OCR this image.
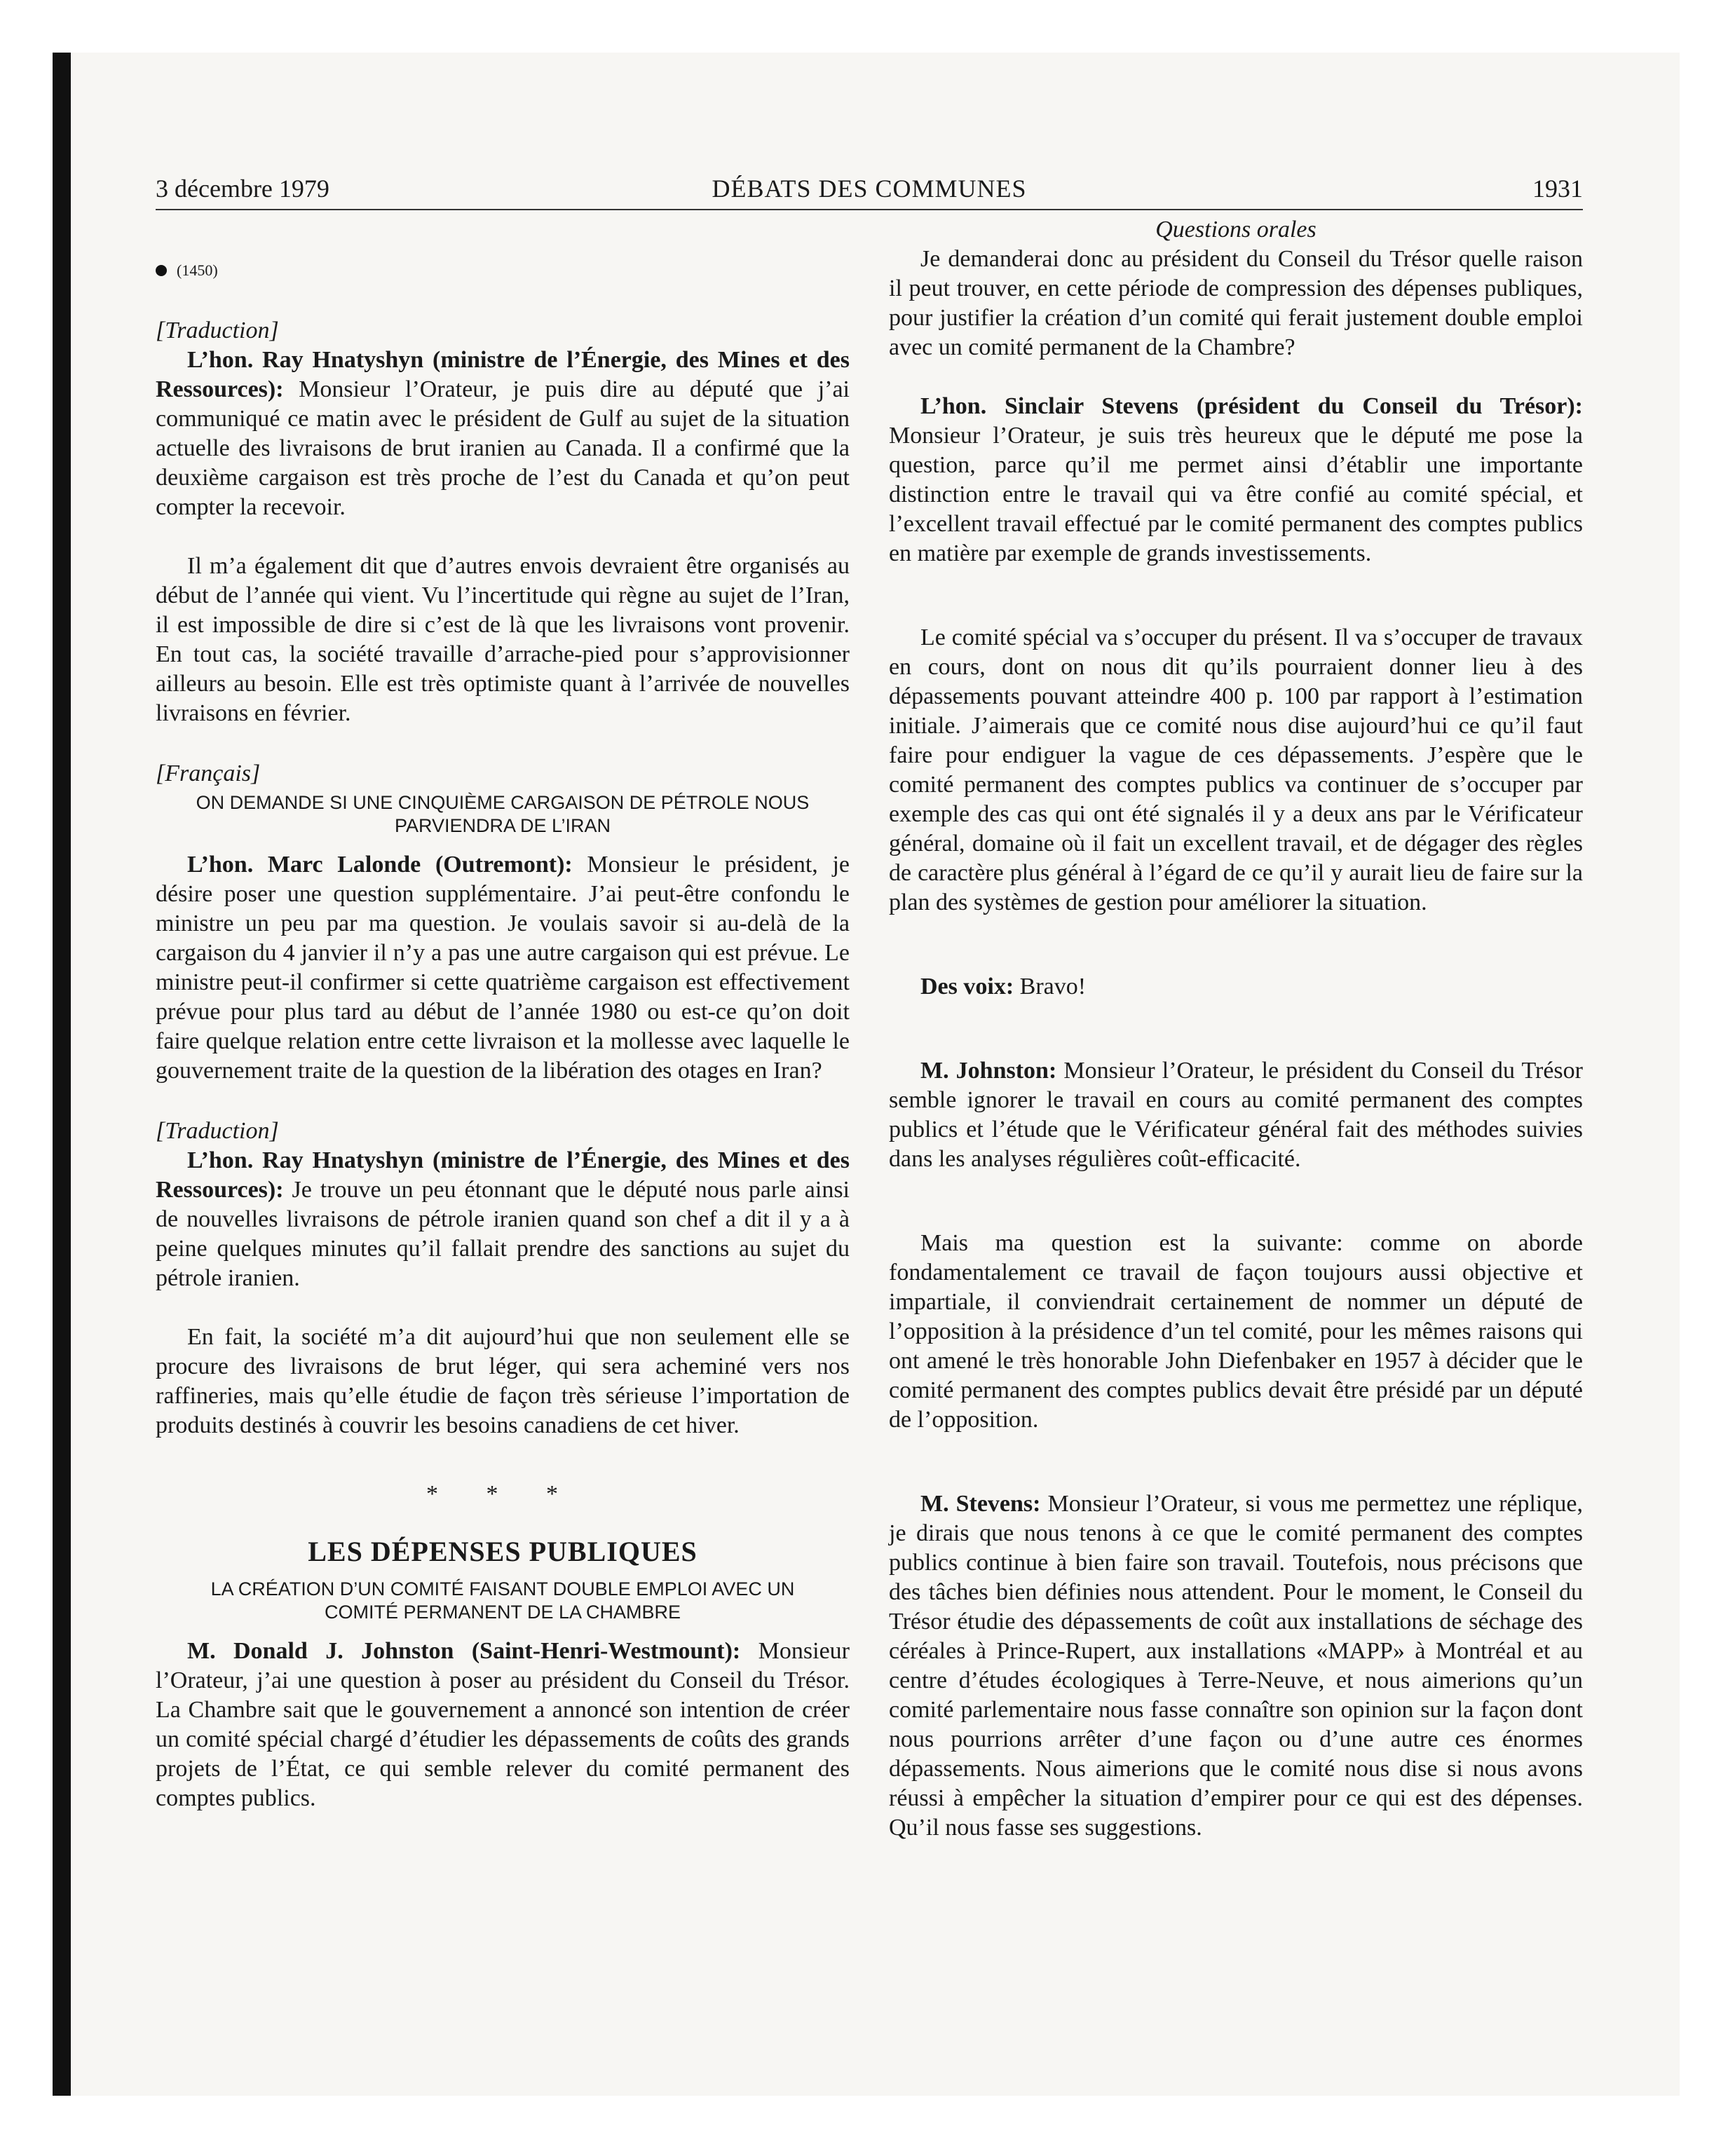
3 décembre 1979	DÉBATS DES COMMUNES	1931
(1450)
[Traduction]

L’hon. Ray Hnatyshyn (ministre de l’Énergie, des Mines et des Ressources): Monsieur l’Orateur, je puis dire au député que j’ai communiqué ce matin avec le président de Gulf au sujet de la situation actuelle des livraisons de brut iranien au Canada. Il a confirmé que la deuxième cargaison est très proche de l’est du Canada et qu’on peut compter la recevoir.

Il m’a également dit que d’autres envois devraient être organisés au début de l’année qui vient. Vu l’incertitude qui règne au sujet de l’Iran, il est impossible de dire si c’est de là que les livraisons vont provenir. En tout cas, la société travaille d’arrache-pied pour s’approvisionner ailleurs au besoin. Elle est très optimiste quant à l’arrivée de nouvelles livraisons en février.

[Français]
ON DEMANDE SI UNE CINQUIÈME CARGAISON DE PÉTROLE NOUS PARVIENDRA DE L’IRAN

L’hon. Marc Lalonde (Outremont): Monsieur le président, je désire poser une question supplémentaire. J’ai peut-être confondu le ministre un peu par ma question. Je voulais savoir si au-delà de la cargaison du 4 janvier il n’y a pas une autre cargaison qui est prévue. Le ministre peut-il confirmer si cette quatrième cargaison est effectivement prévue pour plus tard au début de l’année 1980 ou est-ce qu’on doit faire quelque relation entre cette livraison et la mollesse avec laquelle le gouvernement traite de la question de la libération des otages en Iran?

[Traduction]

L’hon. Ray Hnatyshyn (ministre de l’Énergie, des Mines et des Ressources): Je trouve un peu étonnant que le député nous parle ainsi de nouvelles livraisons de pétrole iranien quand son chef a dit il y a à peine quelques minutes qu’il fallait prendre des sanctions au sujet du pétrole iranien.

En fait, la société m’a dit aujourd’hui que non seulement elle se procure des livraisons de brut léger, qui sera acheminé vers nos raffineries, mais qu’elle étudie de façon très sérieuse l’importation de produits destinés à couvrir les besoins canadiens de cet hiver.

* * *
LES DÉPENSES PUBLIQUES
LA CRÉATION D’UN COMITÉ FAISANT DOUBLE EMPLOI AVEC UN COMITÉ PERMANENT DE LA CHAMBRE

M. Donald J. Johnston (Saint-Henri-Westmount): Monsieur l’Orateur, j’ai une question à poser au président du Conseil du Trésor. La Chambre sait que le gouvernement a annoncé son intention de créer un comité spécial chargé d’étudier les dépassements de coûts des grands projets de l’État, ce qui semble relever du comité permanent des comptes publics.

Questions orales

Je demanderai donc au président du Conseil du Trésor quelle raison il peut trouver, en cette période de compression des dépenses publiques, pour justifier la création d’un comité qui ferait justement double emploi avec un comité permanent de la Chambre?

L’hon. Sinclair Stevens (président du Conseil du Trésor): Monsieur l’Orateur, je suis très heureux que le député me pose la question, parce qu’il me permet ainsi d’établir une importante distinction entre le travail qui va être confié au comité spécial, et l’excellent travail effectué par le comité permanent des comptes publics en matière par exemple de grands investissements.

Le comité spécial va s’occuper du présent. Il va s’occuper de travaux en cours, dont on nous dit qu’ils pourraient donner lieu à des dépassements pouvant atteindre 400 p. 100 par rapport à l’estimation initiale. J’aimerais que ce comité nous dise aujourd’hui ce qu’il faut faire pour endiguer la vague de ces dépassements. J’espère que le comité permanent des comptes publics va continuer de s’occuper par exemple des cas qui ont été signalés il y a deux ans par le Vérificateur général, domaine où il fait un excellent travail, et de dégager des règles de caractère plus général à l’égard de ce qu’il y aurait lieu de faire sur la plan des systèmes de gestion pour améliorer la situation.

Des voix: Bravo!

M. Johnston: Monsieur l’Orateur, le président du Conseil du Trésor semble ignorer le travail en cours au comité permanent des comptes publics et l’étude que le Vérificateur général fait des méthodes suivies dans les analyses régulières coût-efficacité.

Mais ma question est la suivante: comme on aborde fondamentalement ce travail de façon toujours aussi objective et impartiale, il conviendrait certainement de nommer un député de l’opposition à la présidence d’un tel comité, pour les mêmes raisons qui ont amené le très honorable John Diefenbaker en 1957 à décider que le comité permanent des comptes publics devait être présidé par un député de l’opposition.

M. Stevens: Monsieur l’Orateur, si vous me permettez une réplique, je dirais que nous tenons à ce que le comité permanent des comptes publics continue à bien faire son travail. Toutefois, nous précisons que des tâches bien définies nous attendent. Pour le moment, le Conseil du Trésor étudie des dépassements de coût aux installations de séchage des céréales à Prince-Rupert, aux installations «MAPP» à Montréal et au centre d’études écologiques à Terre-Neuve, et nous aimerions qu’un comité parlementaire nous fasse connaître son opinion sur la façon dont nous pourrions arrêter d’une façon ou d’une autre ces énormes dépassements. Nous aimerions que le comité nous dise si nous avons réussi à empêcher la situation d’empirer pour ce qui est des dépenses. Qu’il nous fasse ses suggestions.
